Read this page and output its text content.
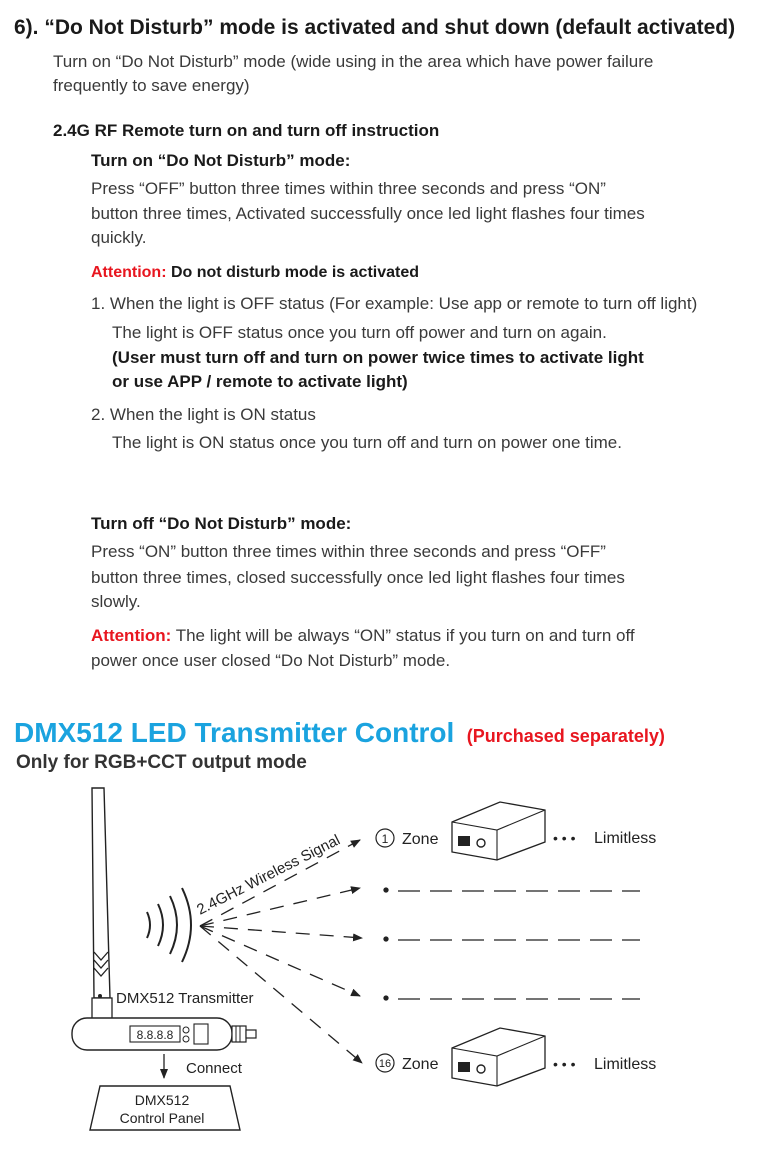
6). “Do Not Disturb” mode is activated and shut down (default activated)
Turn on “Do Not Disturb” mode (wide using in the area which have power failure
frequently to save energy)
2.4G RF Remote turn on and turn off instruction
Turn on “Do Not Disturb” mode:
Press “OFF” button three times within three seconds and press “ON”
button three times, Activated successfully once led light flashes four times
quickly.
Attention: Do not disturb mode is activated
1. When the light is OFF status (For example: Use app or remote to turn off light)
The light is OFF status once you turn off power and turn on again.
(User must turn off and turn on power twice times to activate light
or use APP / remote to activate light)
2. When the light is ON status
The light is ON status once you turn off and turn on power one time.
Turn off “Do Not Disturb” mode:
Press “ON” button three times within three seconds and press “OFF”
button three times, closed successfully once led light flashes four times
slowly.
Attention: The light will be always “ON” status if you turn on and turn off
power once user closed “Do Not Disturb” mode.
DMX512 LED Transmitter Control (Purchased separately)
Only for RGB+CCT output mode
2.4GHz Wireless Signal	1 Zone	• • • Limitless
16 Zone	• • • Limitless
DMX512 Transmitter
8.8.8.8
Connect
DMX512
Control Panel
